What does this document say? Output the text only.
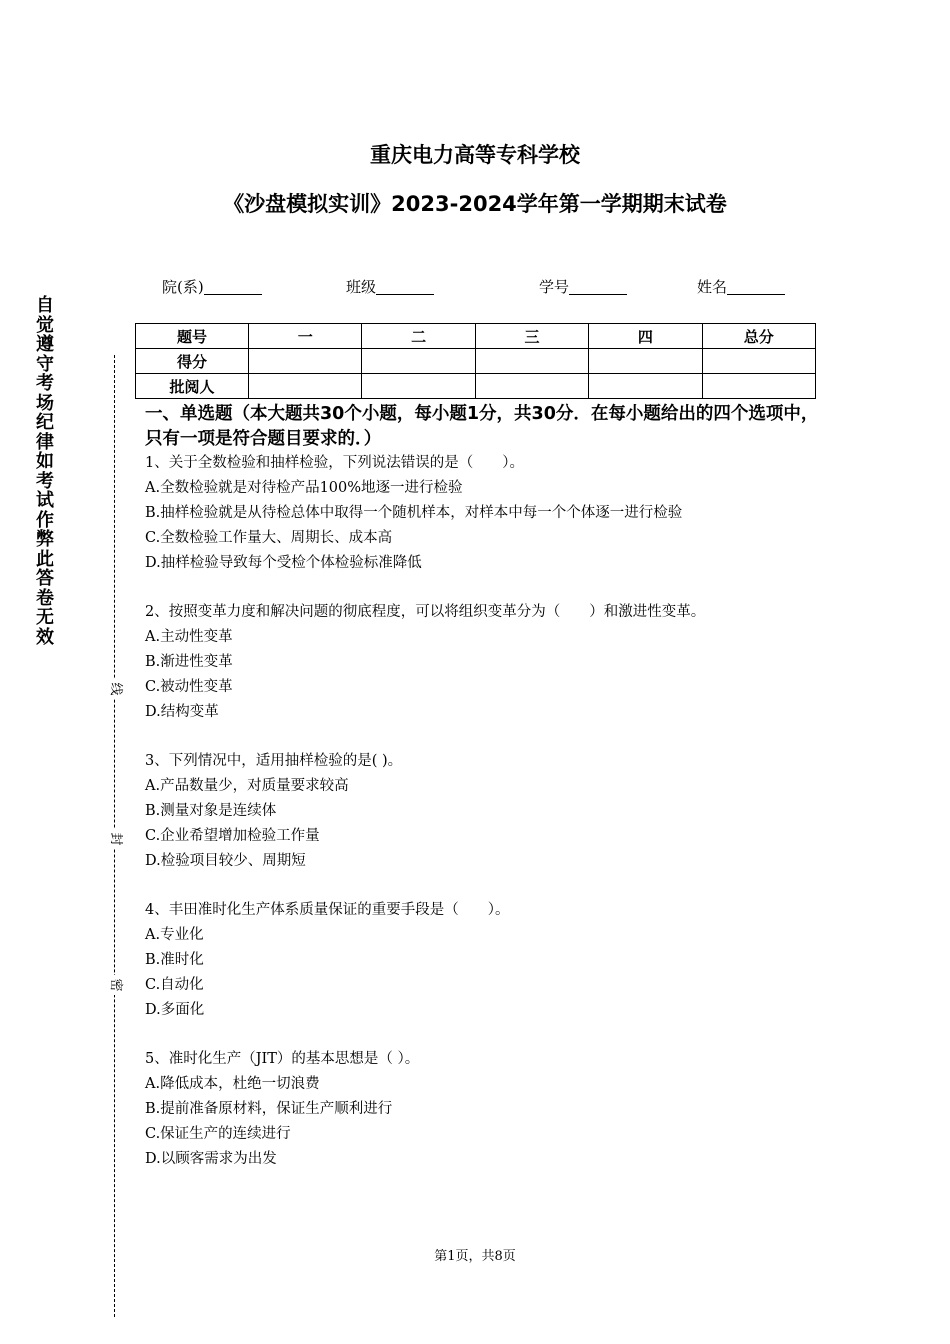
重庆电力高等专科学校
《沙盘模拟实训》2023-2024学年第一学期期末试卷
自觉遵守考场纪律如考试作弊此答卷无效
线
封
密
院(系)	班级	学号	姓名
题号	一	二	三	四	总分
得分					
批阅人					
一、单选题（本大题共30个小题，每小题1分，共30分．在每小题给出的四个选项中，只有一项是符合题目要求的．）
1、关于全数检验和抽样检验，下列说法错误的是（　　）。
A.全数检验就是对待检产品100%地逐一进行检验
B.抽样检验就是从待检总体中取得一个随机样本，对样本中每一个个体逐一进行检验
C.全数检验工作量大、周期长、成本高
D.抽样检验导致每个受检个体检验标准降低
2、按照变革力度和解决问题的彻底程度，可以将组织变革分为（　　）和激进性变革。
A.主动性变革
B.渐进性变革
C.被动性变革
D.结构变革
3、下列情况中，适用抽样检验的是( )。
A.产品数量少，对质量要求较高
B.测量对象是连续体
C.企业希望增加检验工作量
D.检验项目较少、周期短
4、丰田准时化生产体系质量保证的重要手段是（　　）。
A.专业化
B.准时化
C.自动化
D.多面化
5、准时化生产（JIT）的基本思想是（ ）。
A.降低成本，杜绝一切浪费
B.提前准备原材料，保证生产顺利进行
C.保证生产的连续进行
D.以顾客需求为出发
第1页，共8页
